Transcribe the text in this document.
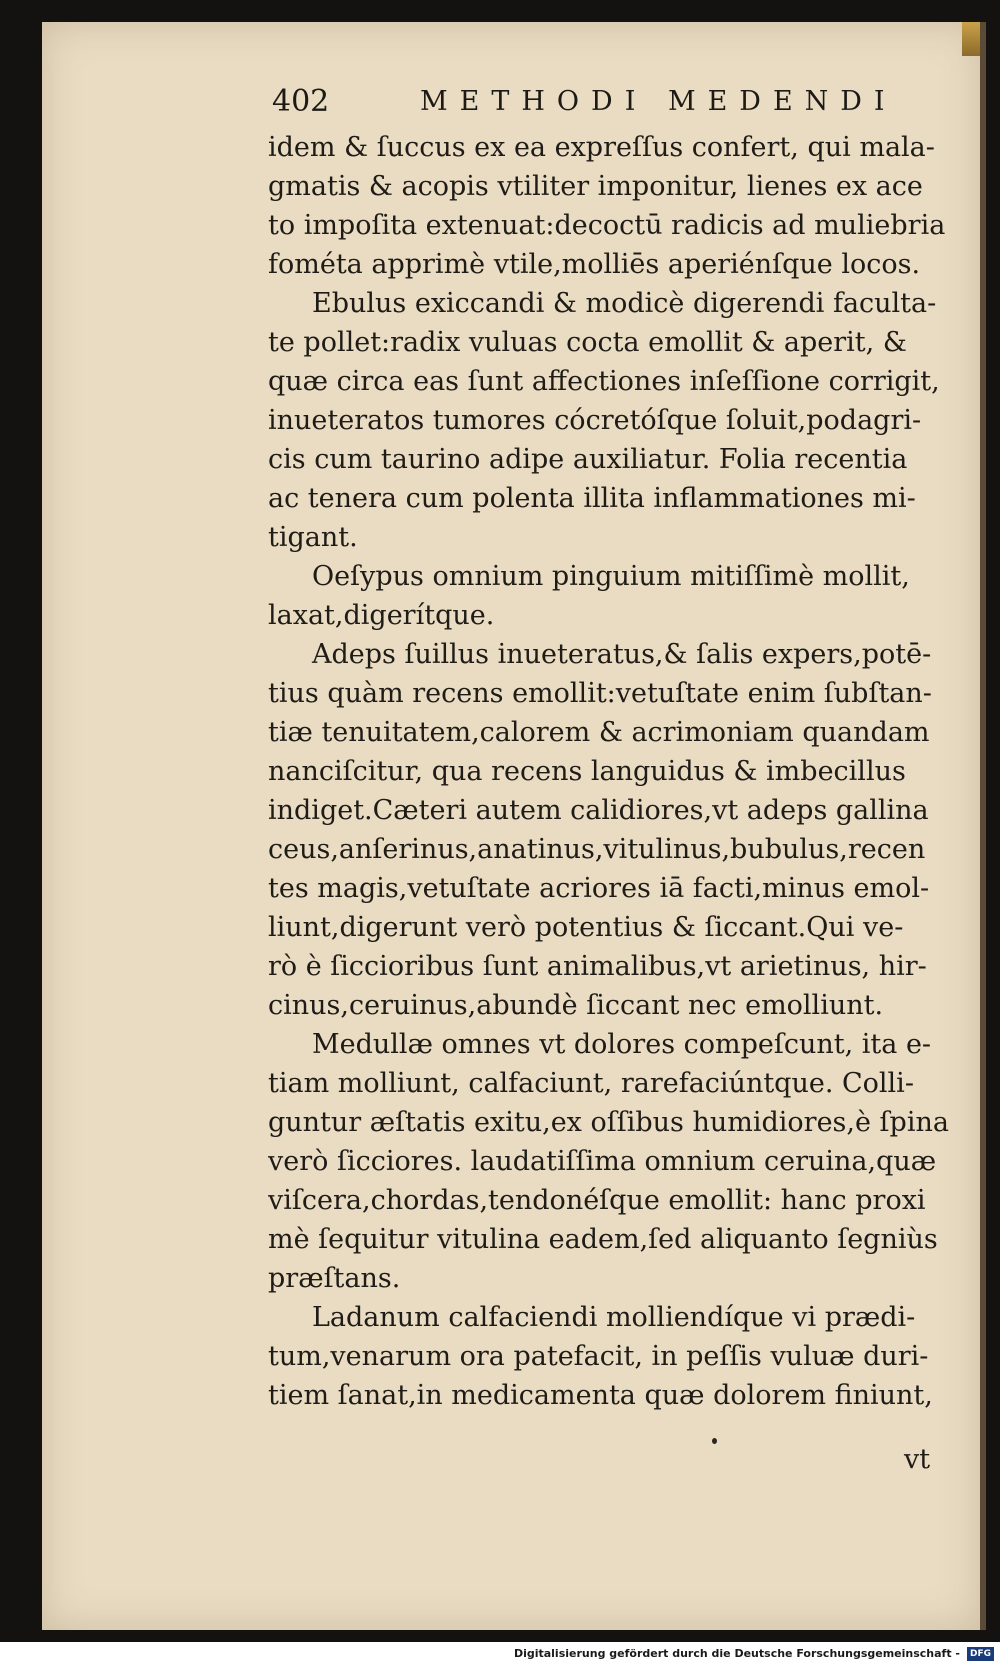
402	METHODI MEDENDI
idem & ſuccus ex ea expreſſus confert, qui mala-
gmatis & acopis vtiliter imponitur, lienes ex ace
to impoſita extenuat:decoctū radicis ad muliebria
fométa apprimè vtile,molliēs aperiénſque locos.
Ebulus exiccandi & modicè digerendi faculta-
te pollet:radix vuluas cocta emollit & aperit, &
quæ circa eas ſunt affectiones inſeſſione corrigit,
inueteratos tumores cócretóſque ſoluit,podagri-
cis cum taurino adipe auxiliatur. Folia recentia
ac tenera cum polenta illita inflammationes mi-
tigant.
Oeſypus omnium pinguium mitiſſimè mollit,
laxat,digerítque.
Adeps ſuillus inueteratus,& ſalis expers,potē-
tius quàm recens emollit:vetuſtate enim ſubſtan-
tiæ tenuitatem,calorem & acrimoniam quandam
nanciſcitur, qua recens languidus & imbecillus
indiget.Cæteri autem calidiores,vt adeps gallina
ceus,anſerinus,anatinus,vitulinus,bubulus,recen
tes magis,vetuſtate acriores iā facti,minus emol-
liunt,digerunt verò potentius & ſiccant.Qui ve-
rò è ſiccioribus ſunt animalibus,vt arietinus, hir-
cinus,ceruinus,abundè ſiccant nec emolliunt.
Medullæ omnes vt dolores compeſcunt, ita e-
tiam molliunt, calfaciunt, rarefaciúntque. Colli-
guntur æſtatis exitu,ex oſſibus humidiores,è ſpina
verò ſicciores. laudatiſſima omnium ceruina,quæ
viſcera,chordas,tendonéſque emollit: hanc proxi
mè ſequitur vitulina eadem,ſed aliquanto ſegniùs
præſtans.
Ladanum calfaciendi molliendíque vi prædi-
tum,venarum ora patefacit, in peſſis vuluæ duri-
tiem ſanat,in medicamenta quæ dolorem finiunt,
vt
Digitalisierung gefördert durch die Deutsche Forschungsgemeinschaft -	DFG
